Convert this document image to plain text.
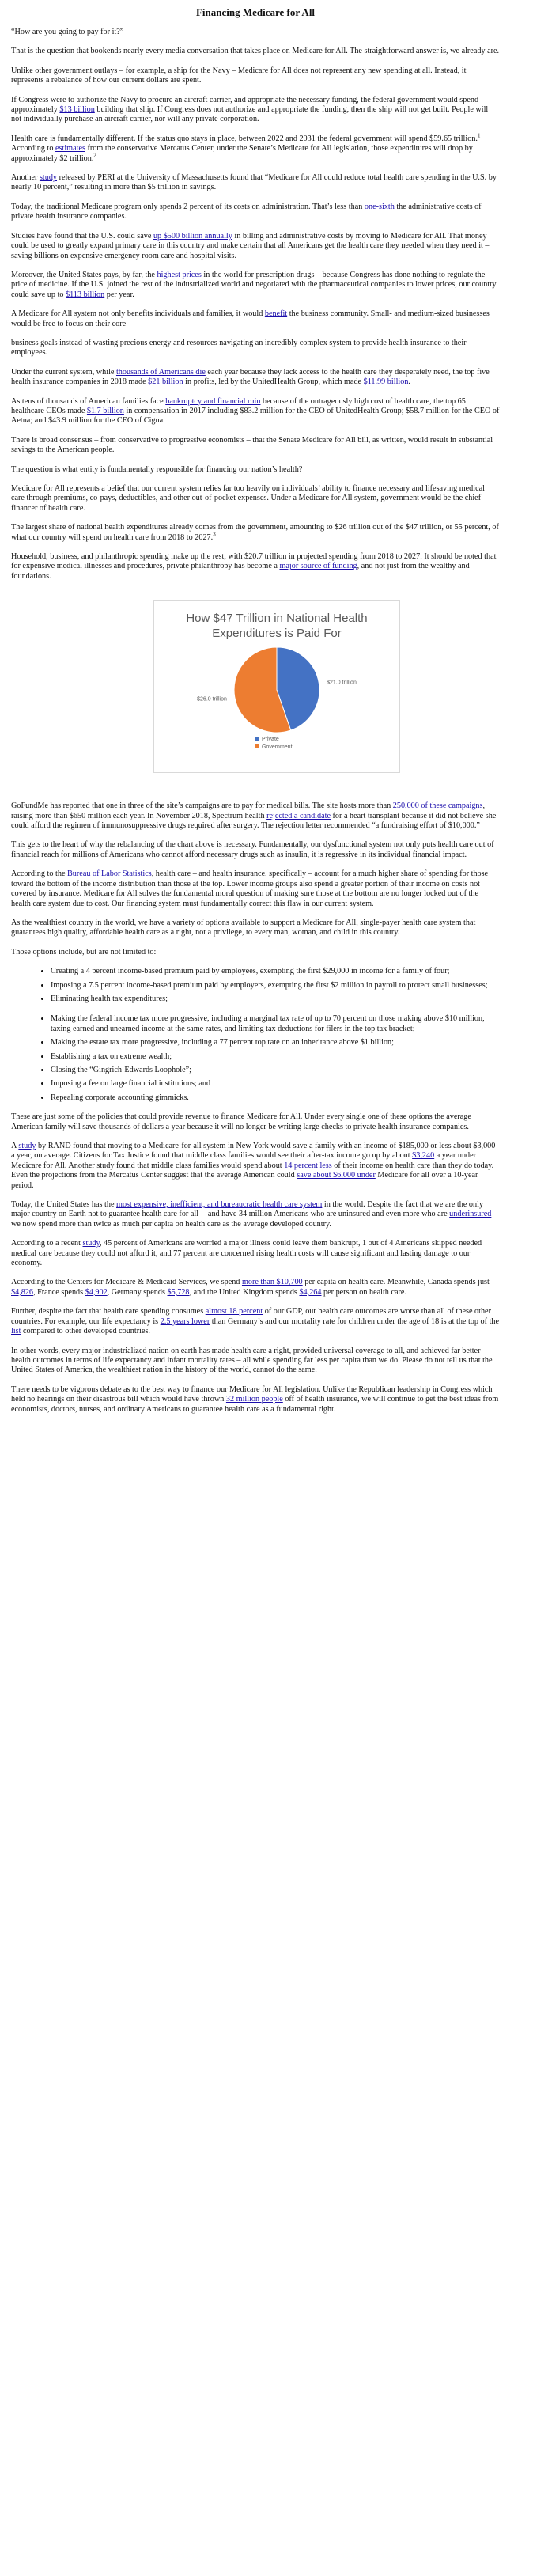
Financing Medicare for All

“How are you going to pay for it?”

That is the question that bookends nearly every media conversation that takes place on Medicare for All. The straightforward answer is, we already are.

Unlike other government outlays – for example, a ship for the Navy – Medicare for All does not represent any new spending at all. Instead, it represents a rebalance of how our current dollars are spent.

If Congress were to authorize the Navy to procure an aircraft carrier, and appropriate the necessary funding, the federal government would spend approximately $13 billion building that ship. If Congress does not authorize and appropriate the funding, then the ship will not get built. People will not individually purchase an aircraft carrier, nor will any private corporation.

Health care is fundamentally different. If the status quo stays in place, between 2022 and 2031 the federal government will spend $59.65 trillion.$^1$ According to estimates from the conservative Mercatus Center, under the Senate’s Medicare for All legislation, those expenditures will drop by approximately $2 trillion.$^2$

Another study released by PERI at the University of Massachusetts found that “Medicare for All could reduce total health care spending in the U.S. by nearly 10 percent,” resulting in more than $5 trillion in savings.

Today, the traditional Medicare program only spends 2 percent of its costs on administration. That’s less than one-sixth the administrative costs of private health insurance companies.

Studies have found that the U.S. could save up $500 billion annually in billing and administrative costs by moving to Medicare for All. That money could be used to greatly expand primary care in this country and make certain that all Americans get the health care they needed when they need it – saving billions on expensive emergency room care and hospital visits.

Moreover, the United States pays, by far, the highest prices in the world for prescription drugs – because Congress has done nothing to regulate the price of medicine. If the U.S. joined the rest of the industrialized world and negotiated with the pharmaceutical companies to lower prices, our country could save up to $113 billion per year.

A Medicare for All system not only benefits individuals and families, it would benefit the business community. Small- and medium-sized businesses would be free to focus on their core

business goals instead of wasting precious energy and resources navigating an incredibly complex system to provide health insurance to their employees.

Under the current system, while thousands of Americans die each year because they lack access to the health care they desperately need, the top five health insurance companies in 2018 made $21 billion in profits, led by the UnitedHealth Group, which made $11.99 billion.

As tens of thousands of American families face bankruptcy and financial ruin because of the outrageously high cost of health care, the top 65 healthcare CEOs made $1.7 billion in compensation in 2017 including $83.2 million for the CEO of UnitedHealth Group; $58.7 million for the CEO of Aetna; and $43.9 million for the CEO of Cigna.

There is broad consensus – from conservative to progressive economists – that the Senate Medicare for All bill, as written, would result in substantial savings to the American people.

The question is what entity is fundamentally responsible for financing our nation’s health?

Medicare for All represents a belief that our current system relies far too heavily on individuals’ ability to finance necessary and lifesaving medical care through premiums, co-pays, deductibles, and other out-of-pocket expenses. Under a Medicare for All system, government would be the chief financer of health care.

The largest share of national health expenditures already comes from the government, amounting to $26 trillion out of the $47 trillion, or 55 percent, of what our country will spend on health care from 2018 to 2027.$^3$

Household, business, and philanthropic spending make up the rest, with $20.7 trillion in projected spending from 2018 to 2027. It should be noted that for expensive medical illnesses and procedures, private philanthropy has become a major source of funding, and not just from the wealthy and foundations.

How $47 Trillion in National Health
Expenditures is Paid For
$21.0 trillion
$26.0 trillion
Private
Government

GoFundMe has reported that one in three of the site’s campaigns are to pay for medical bills. The site hosts more than 250,000 of these campaigns, raising more than $650 million each year. In November 2018, Spectrum health rejected a candidate for a heart transplant because it did not believe she could afford the regimen of immunosuppressive drugs required after surgery. The rejection letter recommended “a fundraising effort of $10,000.”

This gets to the heart of why the rebalancing of the chart above is necessary. Fundamentally, our dysfunctional system not only puts health care out of financial reach for millions of Americans who cannot afford necessary drugs such as insulin, it is regressive in its individual financial impact.

According to the Bureau of Labor Statistics, health care – and health insurance, specifically – account for a much higher share of spending for those toward the bottom of the income distribution than those at the top. Lower income groups also spend a greater portion of their income on costs not covered by insurance. Medicare for All solves the fundamental moral question of making sure those at the bottom are no longer locked out of the health care system due to cost. Our financing system must fundamentally correct this flaw in our current system.

As the wealthiest country in the world, we have a variety of options available to support a Medicare for All, single-payer health care system that guarantees high quality, affordable health care as a right, not a privilege, to every man, woman, and child in this country.

Those options include, but are not limited to:

• Creating a 4 percent income-based premium paid by employees, exempting the first $29,000 in income for a family of four;
• Imposing a 7.5 percent income-based premium paid by employers, exempting the first $2 million in payroll to protect small businesses;
• Eliminating health tax expenditures;
• Making the federal income tax more progressive, including a marginal tax rate of up to 70 percent on those making above $10 million, taxing earned and unearned income at the same rates, and limiting tax deductions for filers in the top tax bracket;
• Making the estate tax more progressive, including a 77 percent top rate on an inheritance above $1 billion;
• Establishing a tax on extreme wealth;
• Closing the “Gingrich-Edwards Loophole”;
• Imposing a fee on large financial institutions; and
• Repealing corporate accounting gimmicks.

These are just some of the policies that could provide revenue to finance Medicare for All. Under every single one of these options the average American family will save thousands of dollars a year because it will no longer be writing large checks to private health insurance companies.

A study by RAND found that moving to a Medicare-for-all system in New York would save a family with an income of $185,000 or less about $3,000 a year, on average. Citizens for Tax Justice found that middle class families would see their after-tax income go up by about $3,240 a year under Medicare for All. Another study found that middle class families would spend about 14 percent less of their income on health care than they do today. Even the projections from the Mercatus Center suggest that the average American could save about $6,000 under Medicare for all over a 10-year period.

Today, the United States has the most expensive, inefficient, and bureaucratic health care system in the world. Despite the fact that we are the only major country on Earth not to guarantee health care for all -- and have 34 million Americans who are uninsured and even more who are underinsured -- we now spend more than twice as much per capita on health care as the average developed country.

According to a recent study, 45 percent of Americans are worried a major illness could leave them bankrupt, 1 out of 4 Americans skipped needed medical care because they could not afford it, and 77 percent are concerned rising health costs will cause significant and lasting damage to our economy.

According to the Centers for Medicare & Medicaid Services, we spend more than $10,700 per capita on health care. Meanwhile, Canada spends just $4,826, France spends $4,902, Germany spends $5,728, and the United Kingdom spends $4,264 per person on health care.

Further, despite the fact that health care spending consumes almost 18 percent of our GDP, our health care outcomes are worse than all of these other countries. For example, our life expectancy is 2.5 years lower than Germany’s and our mortality rate for children under the age of 18 is at the top of the list compared to other developed countries.

In other words, every major industrialized nation on earth has made health care a right, provided universal coverage to all, and achieved far better health outcomes in terms of life expectancy and infant mortality rates – all while spending far less per capita than we do. Please do not tell us that the United States of America, the wealthiest nation in the history of the world, cannot do the same.

There needs to be vigorous debate as to the best way to finance our Medicare for All legislation. Unlike the Republican leadership in Congress which held no hearings on their disastrous bill which would have thrown 32 million people off of health insurance, we will continue to get the best ideas from economists, doctors, nurses, and ordinary Americans to guarantee health care as a fundamental right.
